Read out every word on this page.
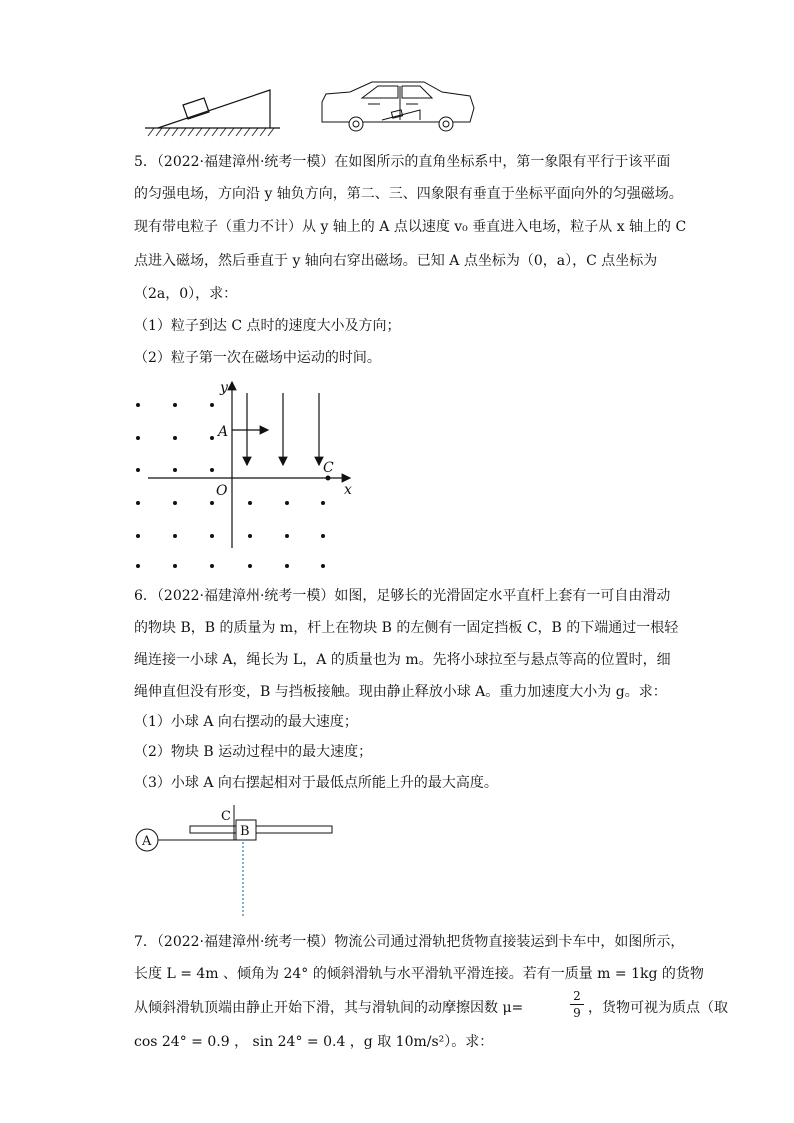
5．（2022·福建漳州·统考一模）在如图所示的直角坐标系中，第一象限有平行于该平面
的匀强电场，方向沿 y 轴负方向，第二、三、四象限有垂直于坐标平面向外的匀强磁场。
现有带电粒子（重力不计）从 y 轴上的 A 点以速度 v₀ 垂直进入电场，粒子从 x 轴上的 C
点进入磁场，然后垂直于 y 轴向右穿出磁场。已知 A 点坐标为（0，a），C 点坐标为
（2a，0），求：
（1）粒子到达 C 点时的速度大小及方向；
（2）粒子第一次在磁场中运动的时间。
y
x
O
A
C
6．（2022·福建漳州·统考一模）如图，足够长的光滑固定水平直杆上套有一可自由滑动
的物块 B，B 的质量为 m，杆上在物块 B 的左侧有一固定挡板 C，B 的下端通过一根轻
绳连接一小球 A，绳长为 L，A 的质量也为 m。先将小球拉至与悬点等高的位置时，细
绳伸直但没有形变，B 与挡板接触。现由静止释放小球 A。重力加速度大小为 g。求：
（1）小球 A 向右摆动的最大速度；
（2）物块 B 运动过程中的最大速度；
（3）小球 A 向右摆起相对于最低点所能上升的最大高度。
C
B
A
7．（2022·福建漳州·统考一模）物流公司通过滑轨把货物直接装运到卡车中，如图所示，
长度 L = 4m 、倾角为 24° 的倾斜滑轨与水平滑轨平滑连接。若有一质量 m = 1kg 的货物
从倾斜滑轨顶端由静止开始下滑，其与滑轨间的动摩擦因数 μ=	$\frac{2}{9}$ ，货物可视为质点（取
cos 24° = 0.9 ， sin 24° = 0.4 ，g 取 10m/s²）。求：
